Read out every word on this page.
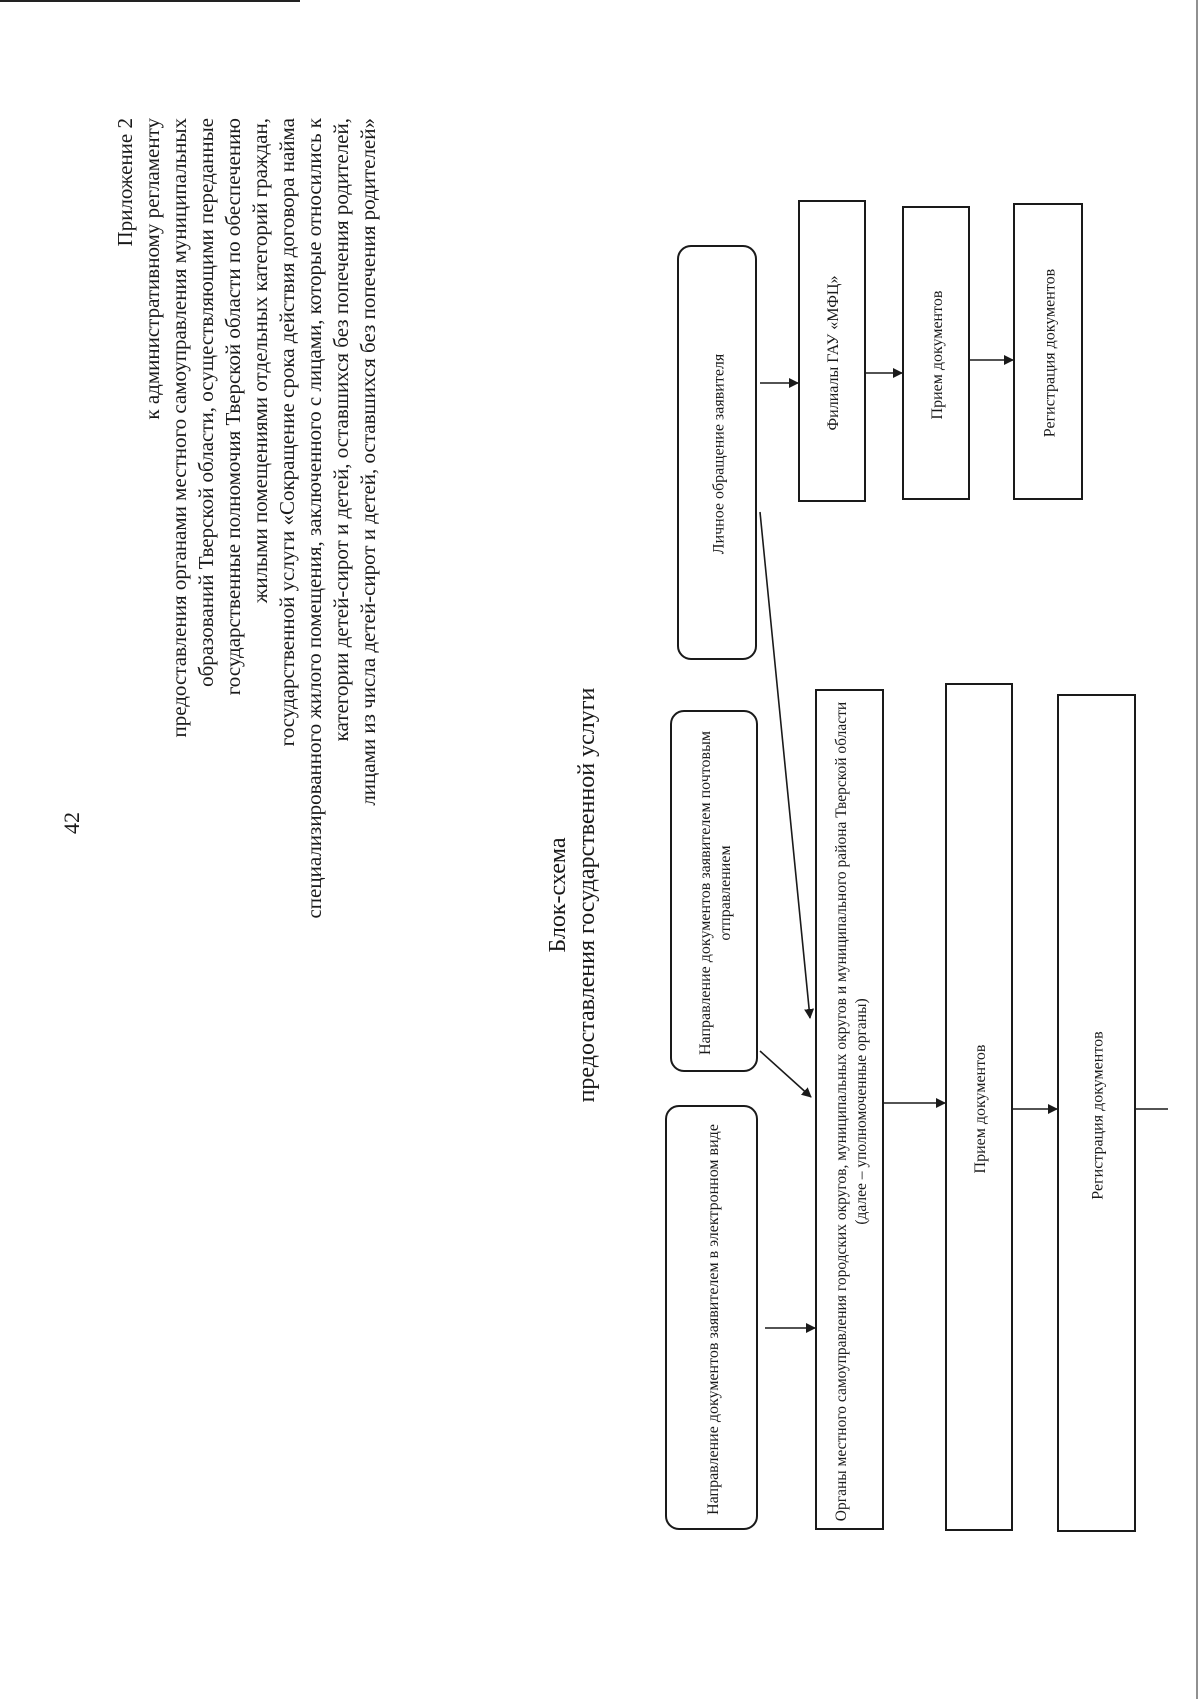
42
Приложение 2 к административному регламенту предоставления органами местного самоуправления муниципальных образований Тверской области, осуществляющими переданные государственные полномочия Тверской области по обеспечению жилыми помещениями отдельных категорий граждан, государственной услуги «Сокращение срока действия договора найма специализированного жилого помещения, заключенного с лицами, которые относились к категории детей-сирот и детей, оставшихся без попечения родителей, лицами из числа детей-сирот и детей, оставшихся без попечения родителей»
Блок-схема предоставления государственной услуги
Направление документов заявителем в электронном виде
Направление документов заявителем почтовым отправлением
Личное обращение заявителя
Органы местного самоуправления городских округов, муниципальных округов и муниципального района Тверской области (далее – уполномоченные органы)
Филиалы ГАУ «МФЦ»	Прием документов	Регистрация документов
Прием документов	Регистрация документов
